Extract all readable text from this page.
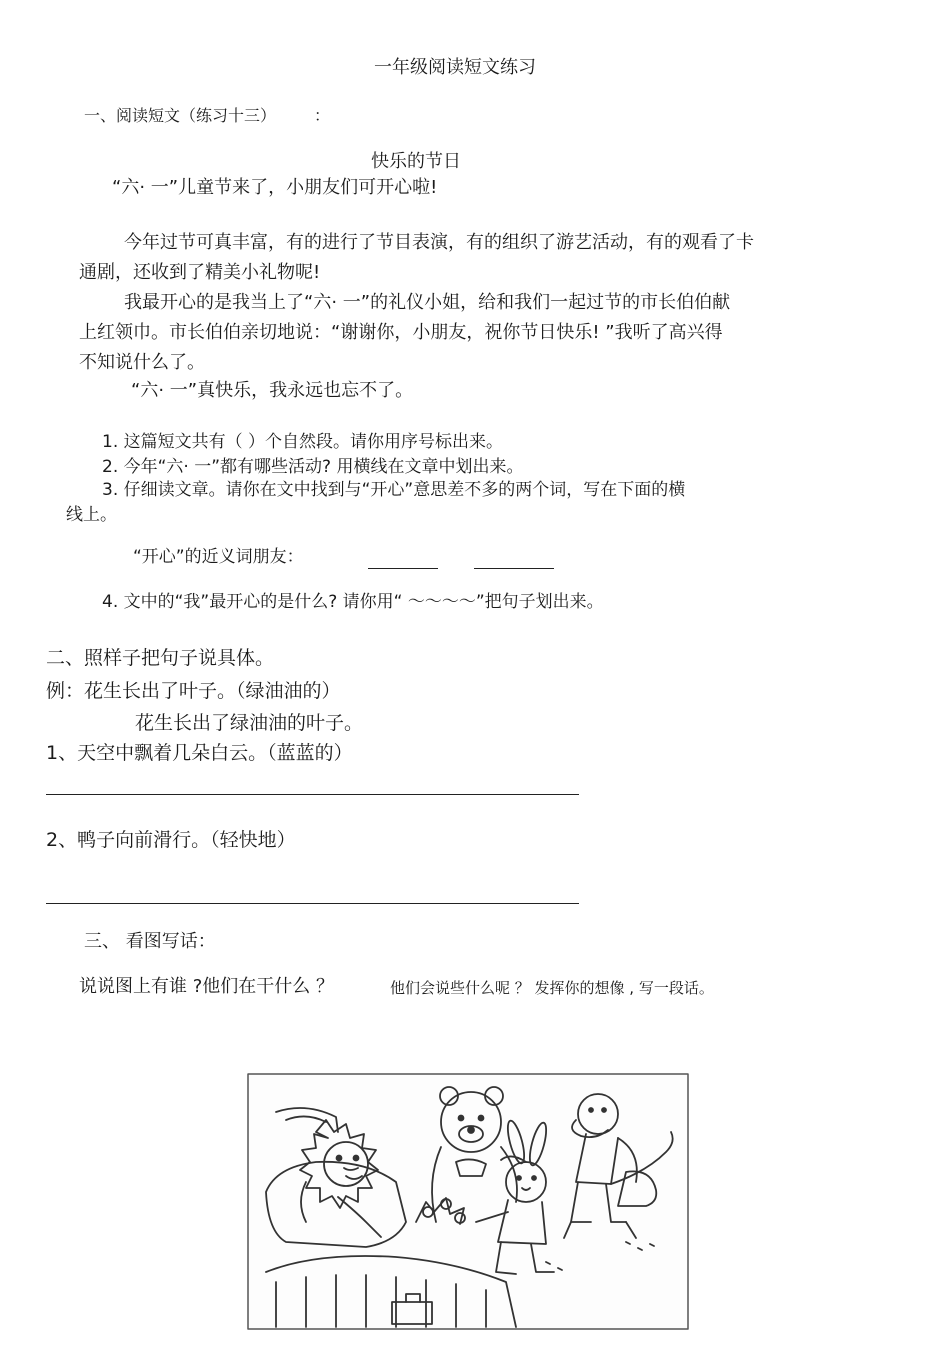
一年级阅读短文练习
一、阅读短文（练习十三） ：
快乐的节日
“六· 一”儿童节来了，小朋友们可开心啦!
今年过节可真丰富，有的进行了节目表演，有的组织了游艺活动，有的观看了卡
通剧，还收到了精美小礼物呢!
我最开心的是我当上了“六· 一”的礼仪小姐，给和我们一起过节的市长伯伯献
上红领巾。市长伯伯亲切地说：“谢谢你，小朋友，祝你节日快乐! ”我听了高兴得
不知说什么了。
“六· 一”真快乐，我永远也忘不了。
1. 这篇短文共有（ ）个自然段。请你用序号标出来。
2. 今年“六· 一”都有哪些活动? 用横线在文章中划出来。
3. 仔细读文章。请你在文中找到与“开心”意思差不多的两个词，写在下面的横
线上。
“开心”的近义词朋友：
4. 文中的“我”最开心的是什么? 请你用“ ～～～～”把句子划出来。
二、照样子把句子说具体。
例：花生长出了叶子。（绿油油的）
花生长出了绿油油的叶子。
1、天空中飘着几朵白云。（蓝蓝的）
2、鸭子向前滑行。（轻快地）
三、 看图写话：
说说图上有谁 ?他们在干什么 ？	他们会说些什么呢 ？ 发挥你的想像 , 写一段话。
